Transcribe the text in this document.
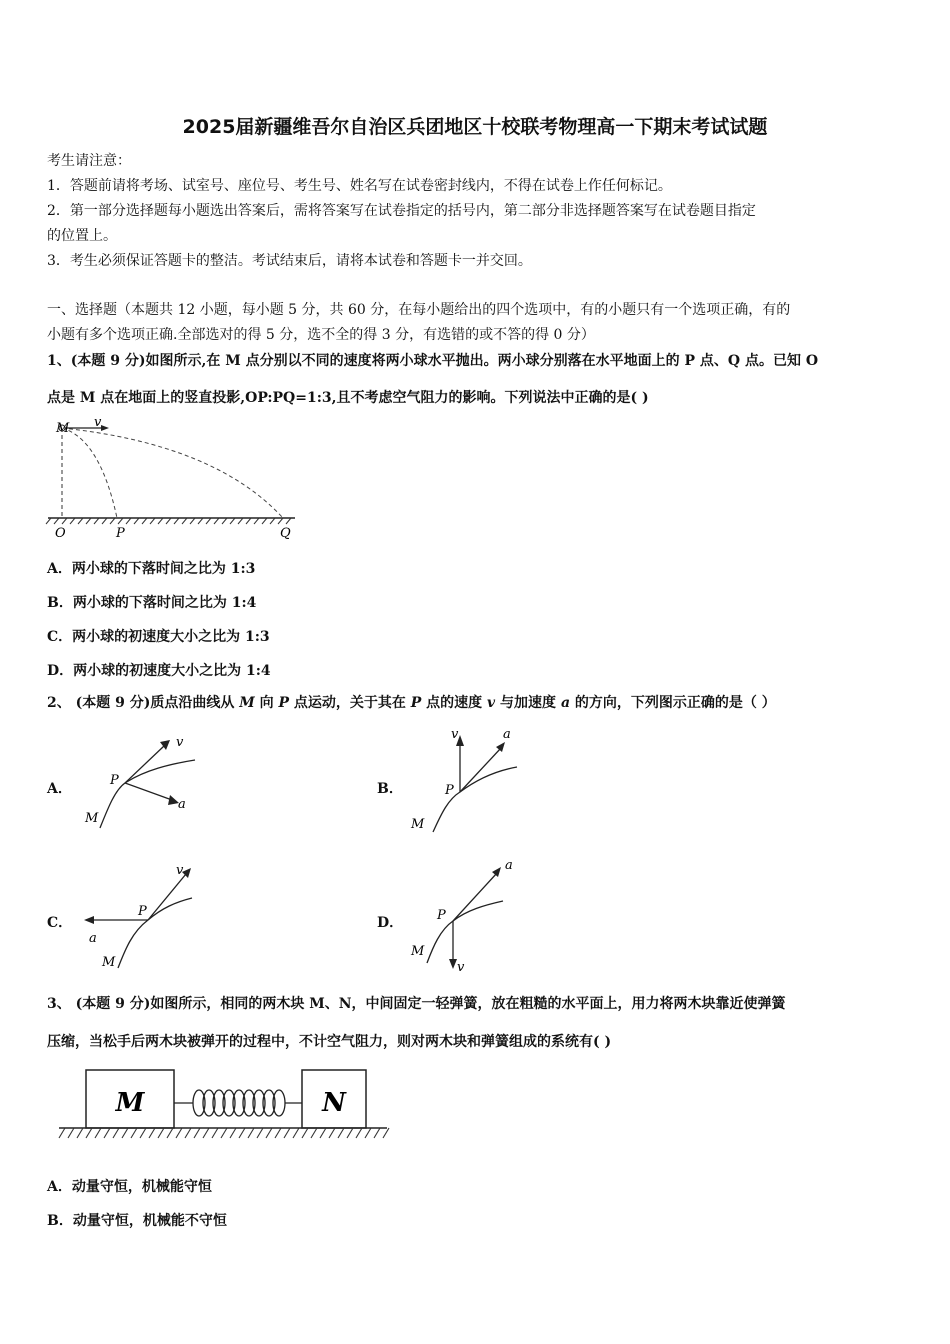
2025届新疆维吾尔自治区兵团地区十校联考物理高一下期末考试试题
考生请注意：
1．答题前请将考场、试室号、座位号、考生号、姓名写在试卷密封线内，不得在试卷上作任何标记。
2．第一部分选择题每小题选出答案后，需将答案写在试卷指定的括号内，第二部分非选择题答案写在试卷题目指定
的位置上。
3．考生必须保证答题卡的整洁。考试结束后，请将本试卷和答题卡一并交回。
一、选择题（本题共 12 小题，每小题 5 分，共 60 分，在每小题给出的四个选项中，有的小题只有一个选项正确，有的
小题有多个选项正确.全部选对的得 5 分，选不全的得 3 分，有选错的或不答的得 0 分）
1、(本题 9 分)如图所示,在 M 点分别以不同的速度将两小球水平抛出。两小球分别落在水平地面上的 P 点、Q 点。已知 O
点是 M 点在地面上的竖直投影,OP:PQ=1:3,且不考虑空气阻力的影响。下列说法中正确的是( )
M v
O	P	Q
A．两小球的下落时间之比为 1:3
B．两小球的下落时间之比为 1:4
C．两小球的初速度大小之比为 1:3
D．两小球的初速度大小之比为 1:4
2、 (本题 9 分)质点沿曲线从 M 向 P 点运动，关于其在 P 点的速度 v 与加速度 a 的方向，下列图示正确的是（ ）
A．	B．
C．	D．
M
P
v
a
M
P
v	a
M
P
v
a
M
P
v
a
3、 (本题 9 分)如图所示，相同的两木块 M、N，中间固定一轻弹簧，放在粗糙的水平面上，用力将两木块靠近使弹簧
压缩，当松手后两木块被弹开的过程中，不计空气阻力，则对两木块和弹簧组成的系统有( )
M	N
A．动量守恒，机械能守恒
B．动量守恒，机械能不守恒
